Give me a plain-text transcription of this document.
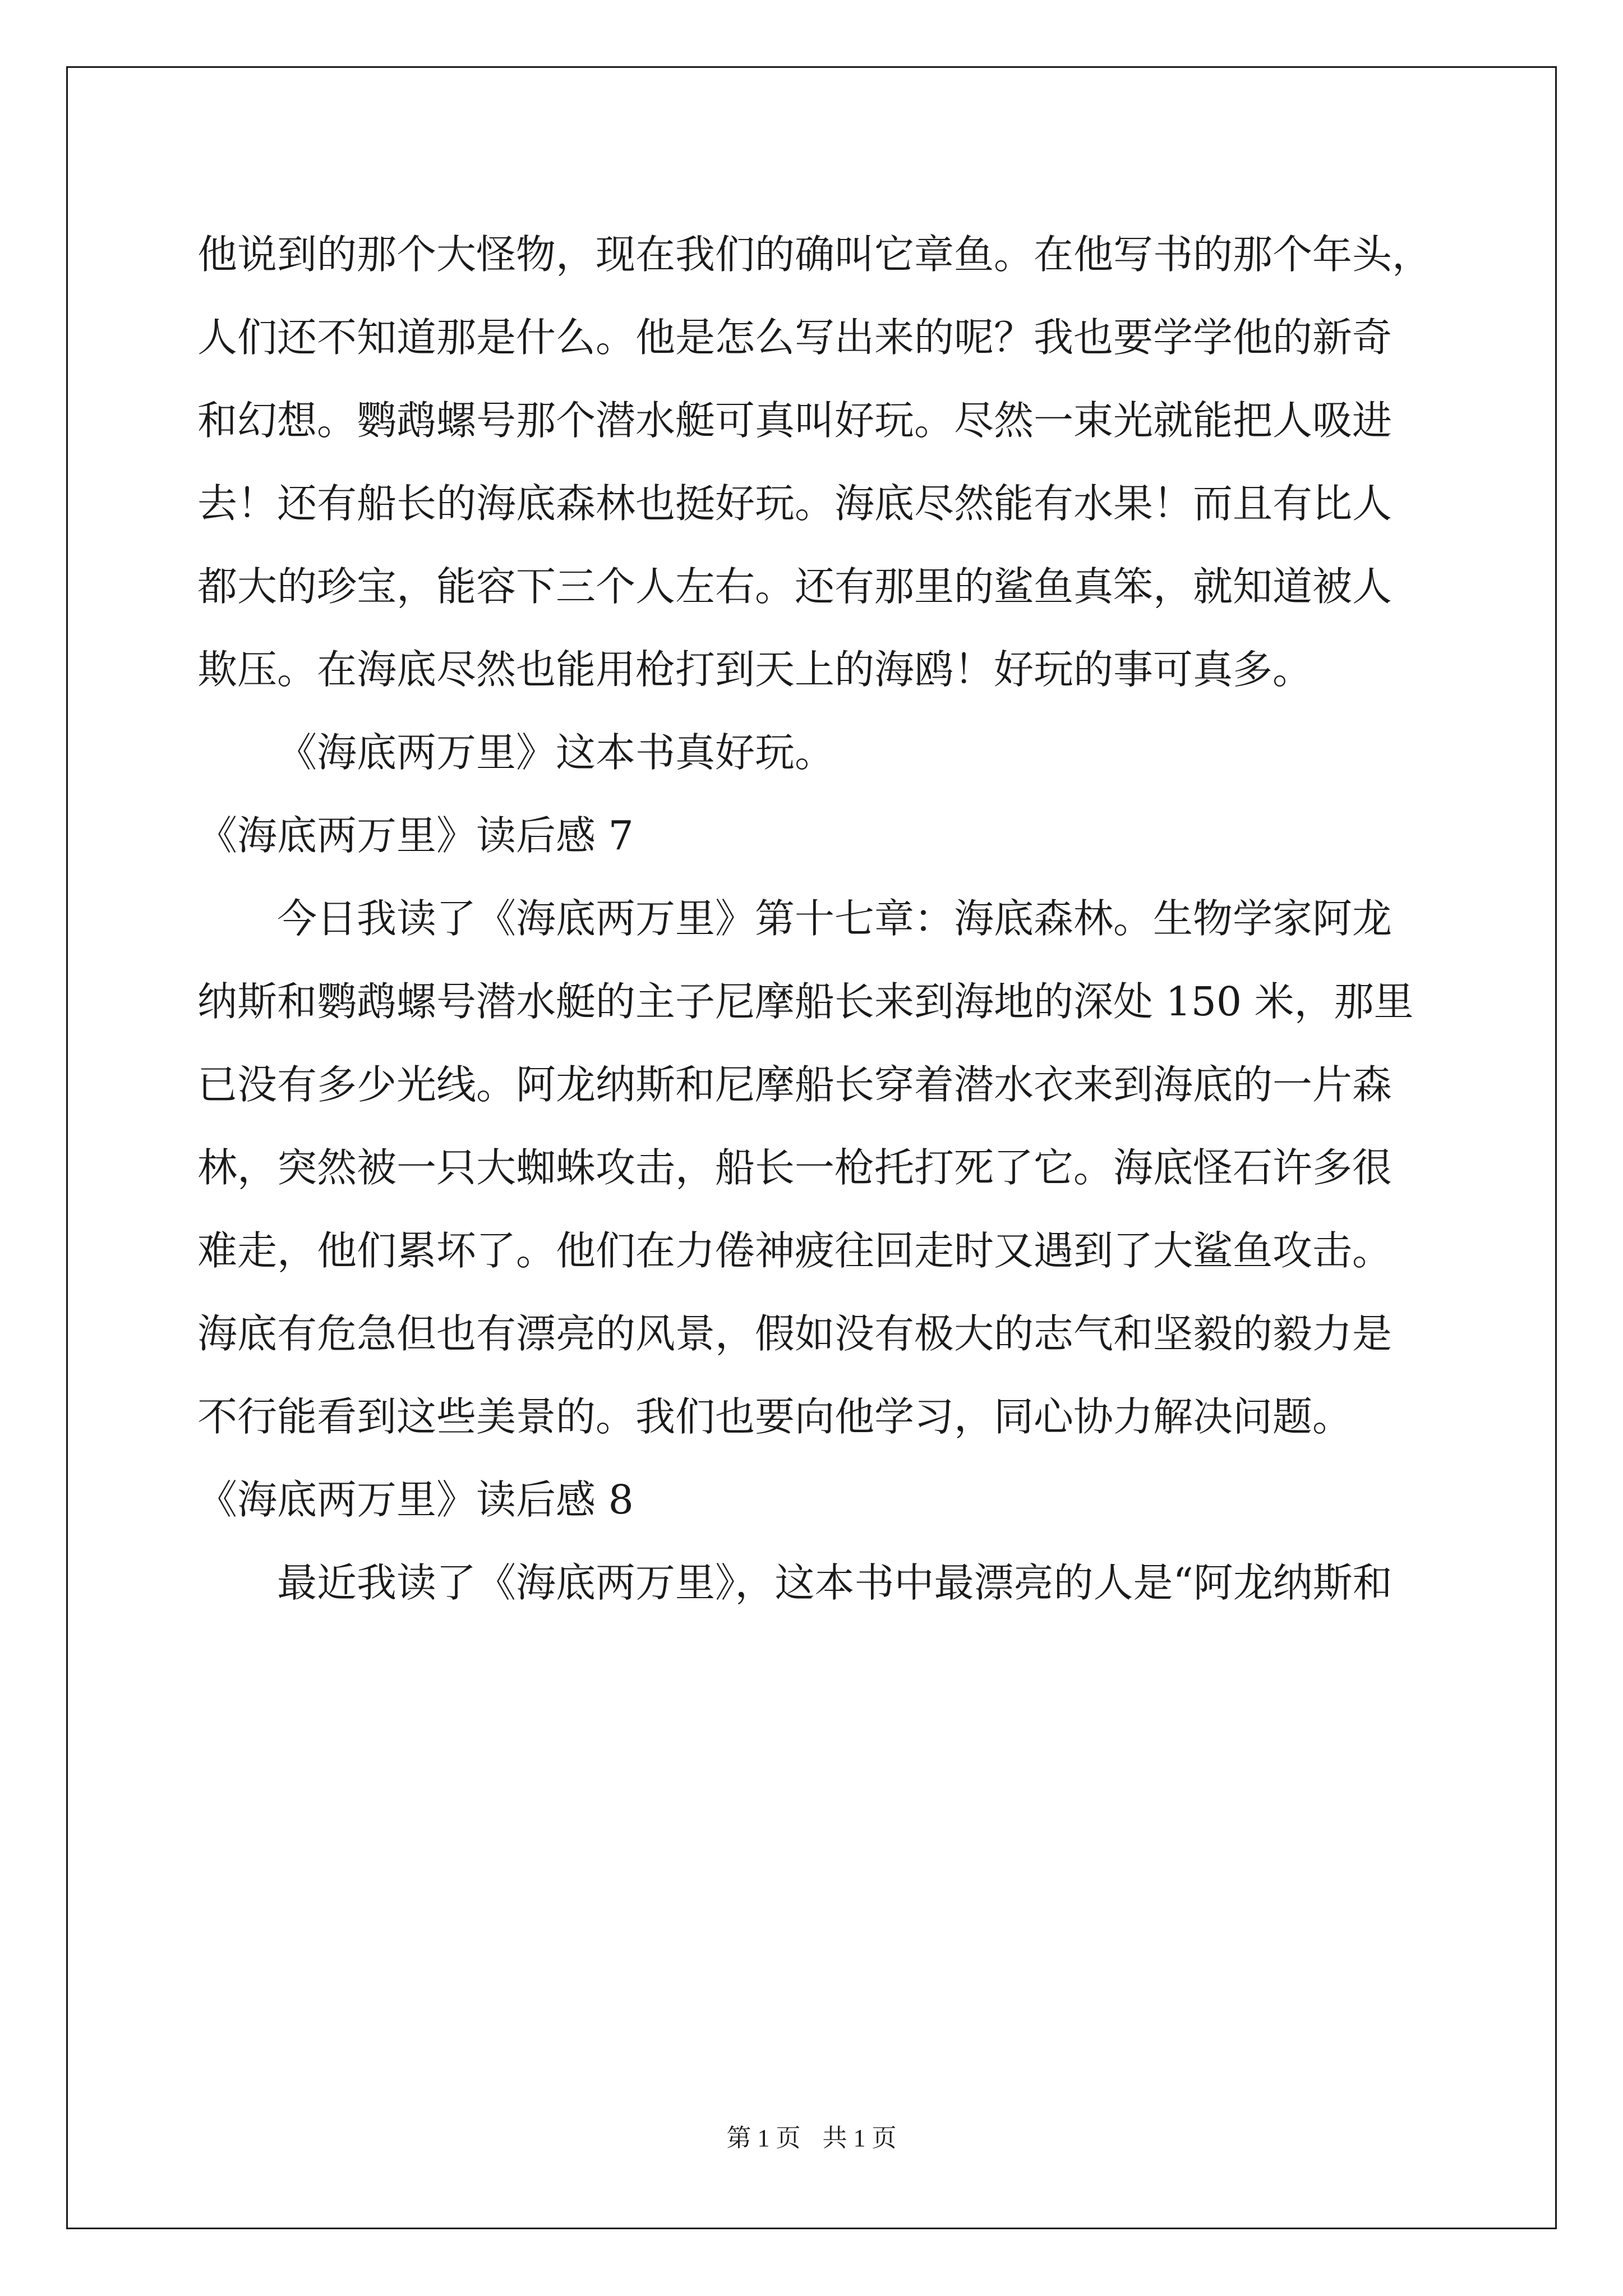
他说到的那个大怪物，现在我们的确叫它章鱼。在他写书的那个年头，
人们还不知道那是什么。他是怎么写出来的呢？我也要学学他的新奇
和幻想。鹦鹉螺号那个潜水艇可真叫好玩。尽然一束光就能把人吸进
去！还有船长的海底森林也挺好玩。海底尽然能有水果！而且有比人
都大的珍宝，能容下三个人左右。还有那里的鲨鱼真笨，就知道被人
欺压。在海底尽然也能用枪打到天上的海鸥！好玩的事可真多。
《海底两万里》这本书真好玩。
《海底两万里》读后感 7
今日我读了《海底两万里》第十七章：海底森林。生物学家阿龙
纳斯和鹦鹉螺号潜水艇的主子尼摩船长来到海地的深处 150 米，那里
已没有多少光线。阿龙纳斯和尼摩船长穿着潜水衣来到海底的一片森
林，突然被一只大蜘蛛攻击，船长一枪托打死了它。海底怪石许多很
难走，他们累坏了。他们在力倦神疲往回走时又遇到了大鲨鱼攻击。
海底有危急但也有漂亮的风景，假如没有极大的志气和坚毅的毅力是
不行能看到这些美景的。我们也要向他学习，同心协力解决问题。
《海底两万里》读后感 8
最近我读了《海底两万里》，这本书中最漂亮的人是“阿龙纳斯和
第 1 页 共 1 页
